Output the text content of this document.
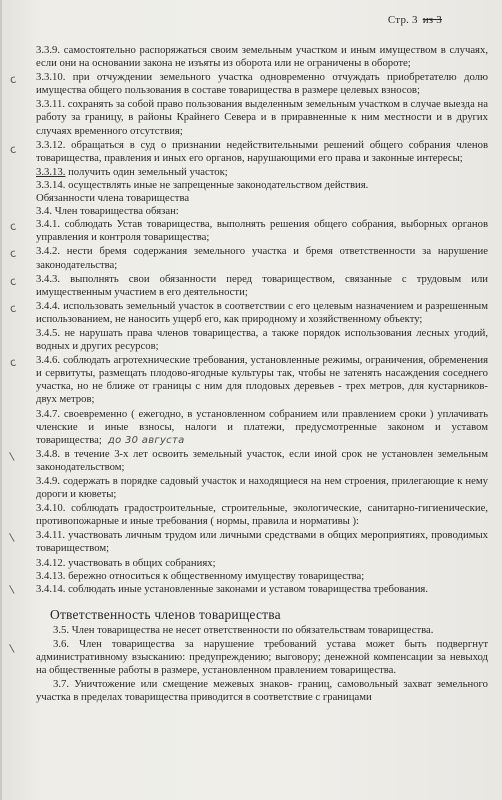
Стр. 3 из 3

3.3.9. самостоятельно распоряжаться своим земельным участком и иным имуществом в случаях, если они на основании закона не изъяты из оборота или не ограничены в обороте;

с 3.3.10. при отчуждении земельного участка одновременно отчуждать приобретателю долю имущества общего пользования в составе товарищества в размере целевых взносов;

3.3.11. сохранять за собой право пользования выделенным земельным участком в случае выезда на работу за границу, в районы Крайнего Севера и в приравненные к ним местности и в других случаях временного отсутствия;

с 3.3.12. обращаться в суд о признании недействительными решений общего собрания членов товарищества, правления и иных его органов, нарушающими его права и законные интересы;

3.3.13. получить один земельный участок;

3.3.14. осуществлять иные не запрещенные законодательством действия.

Обязанности члена товарищества

3.4. Член товарищества обязан:

с 3.4.1. соблюдать Устав товарищества, выполнять решения общего собрания, выборных органов управления и контроля товарищества;

с 3.4.2. нести бремя содержания земельного участка и бремя ответственности за нарушение законодательства;

с 3.4.3. выполнять свои обязанности перед товариществом, связанные с трудовым или имущественным участием в его деятельности;

с 3.4.4. использовать земельный участок в соответствии с его целевым назначением и разрешенным использованием, не наносить ущерб его, как природному и хозяйственному объекту;

3.4.5. не нарушать права членов товарищества, а также порядок использования лесных угодий, водных и других ресурсов;

с 3.4.6. соблюдать агротехнические требования, установленные режимы, ограничения, обременения и сервитуты, размещать плодово-ягодные культуры так, чтобы не затенять насаждения соседнего участка, но не ближе от границы с ним для плодовых деревьев - трех метров, для кустарников- двух метров;

3.4.7. своевременно ( ежегодно, в установленном собранием или правлением сроки ) уплачивать членские и иные взносы, налоги и платежи, предусмотренные законом и уставом товарищества; до 30 августа

\ 3.4.8. в течение 3-х лет освоить земельный участок, если иной срок не установлен земельным законодательством;

3.4.9. содержать в порядке садовый участок и находящиеся на нем строения, прилегающие к нему дороги и кюветы;

3.4.10. соблюдать градостроительные, строительные, экологические, санитарно-гигиенические, противопожарные и иные требования ( нормы, правила и нормативы ):

\ 3.4.11. участвовать личным трудом или личными средствами в общих мероприятиях, проводимых товариществом;

3.4.12. участвовать в общих собраниях;

3.4.13. бережно относиться к общественному имуществу товарищества;

\ 3.4.14. соблюдать иные установленные законами и уставом товарищества требования.

Ответственность членов товарищества

3.5. Член товарищества не несет ответственности по обязательствам товарищества.

\	3.6. Член товарищества за нарушение требований устава может быть подвергнут административному взысканию: предупреждению; выговору; денежной компенсации за невыход на общественные работы в размере, установленном правлением товарищества.

3.7. Уничтожение или смещение межевых знаков- границ, самовольный захват земельного участка в пределах товарищества приводится в соответствие с границами
